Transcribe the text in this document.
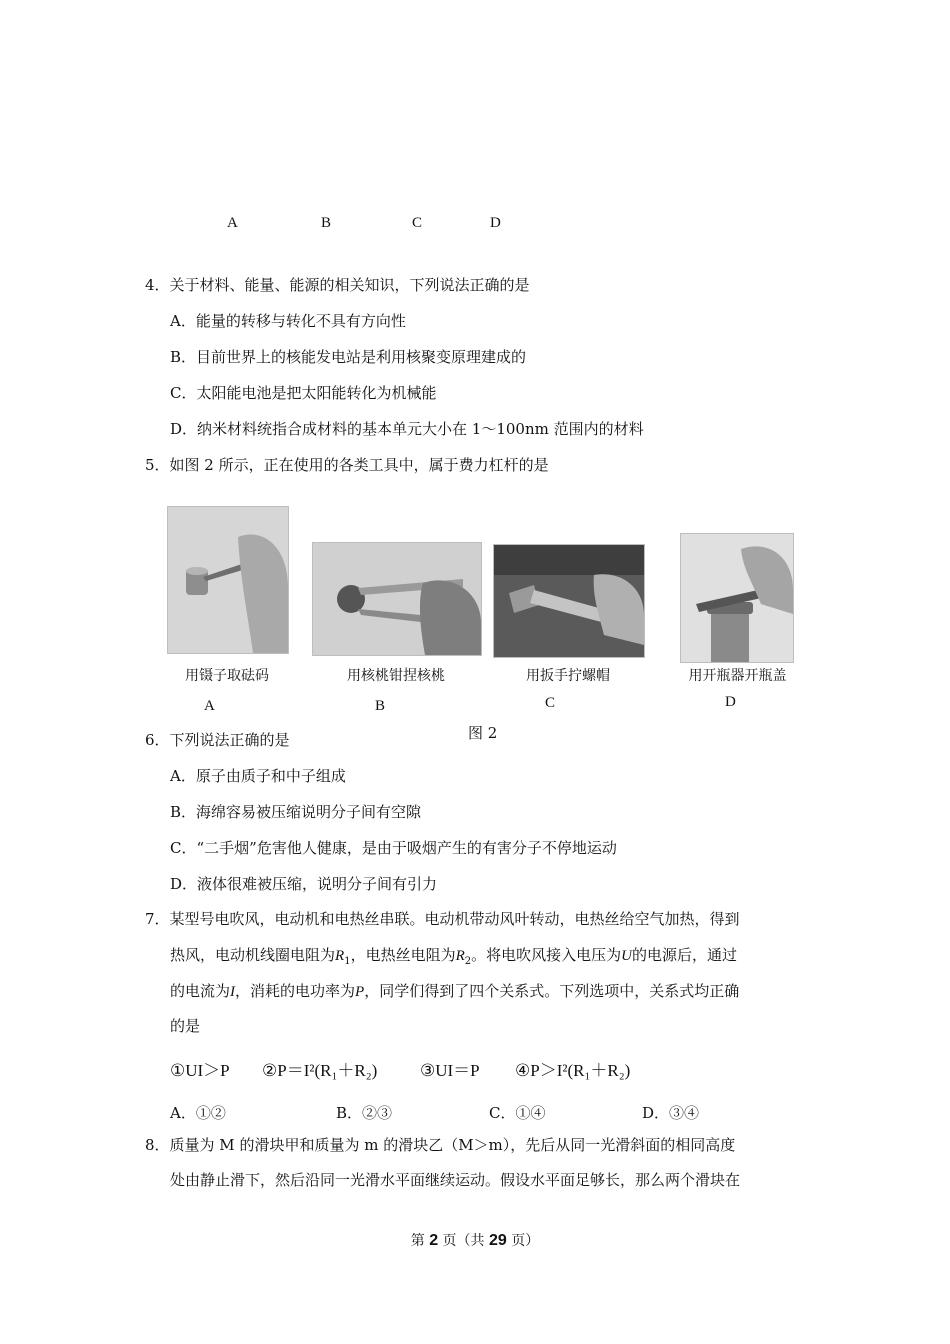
A	B	C	D
4．关于材料、能量、能源的相关知识，下列说法正确的是
A．能量的转移与转化不具有方向性
B．目前世界上的核能发电站是利用核聚变原理建成的
C．太阳能电池是把太阳能转化为机械能
D．纳米材料统指合成材料的基本单元大小在 1～100nm 范围内的材料
5．如图 2 所示，正在使用的各类工具中，属于费力杠杆的是
用镊子取砝码	用核桃钳捏核桃	用扳手拧螺帽	用开瓶器开瓶盖
A	B	C	D
图 2
6．下列说法正确的是
A．原子由质子和中子组成
B．海绵容易被压缩说明分子间有空隙
C．“二手烟”危害他人健康，是由于吸烟产生的有害分子不停地运动
D．液体很难被压缩，说明分子间有引力
7．某型号电吹风，电动机和电热丝串联。电动机带动风叶转动，电热丝给空气加热，得到
热风，电动机线圈电阻为$R_1$，电热丝电阻为$R_2$。将电吹风接入电压为U的电源后，通过
的电流为I，消耗的电功率为P，同学们得到了四个关系式。下列选项中，关系式均正确
的是
①UI＞P ②P＝I²(R₁＋R₂)	③UI＝P ④P＞I²(R₁＋R₂)
A．①②	B．②③	C．①④	D．③④
8．质量为 M 的滑块甲和质量为 m 的滑块乙（M＞m），先后从同一光滑斜面的相同高度
处由静止滑下，然后沿同一光滑水平面继续运动。假设水平面足够长，那么两个滑块在
第 2 页（共 29 页）
